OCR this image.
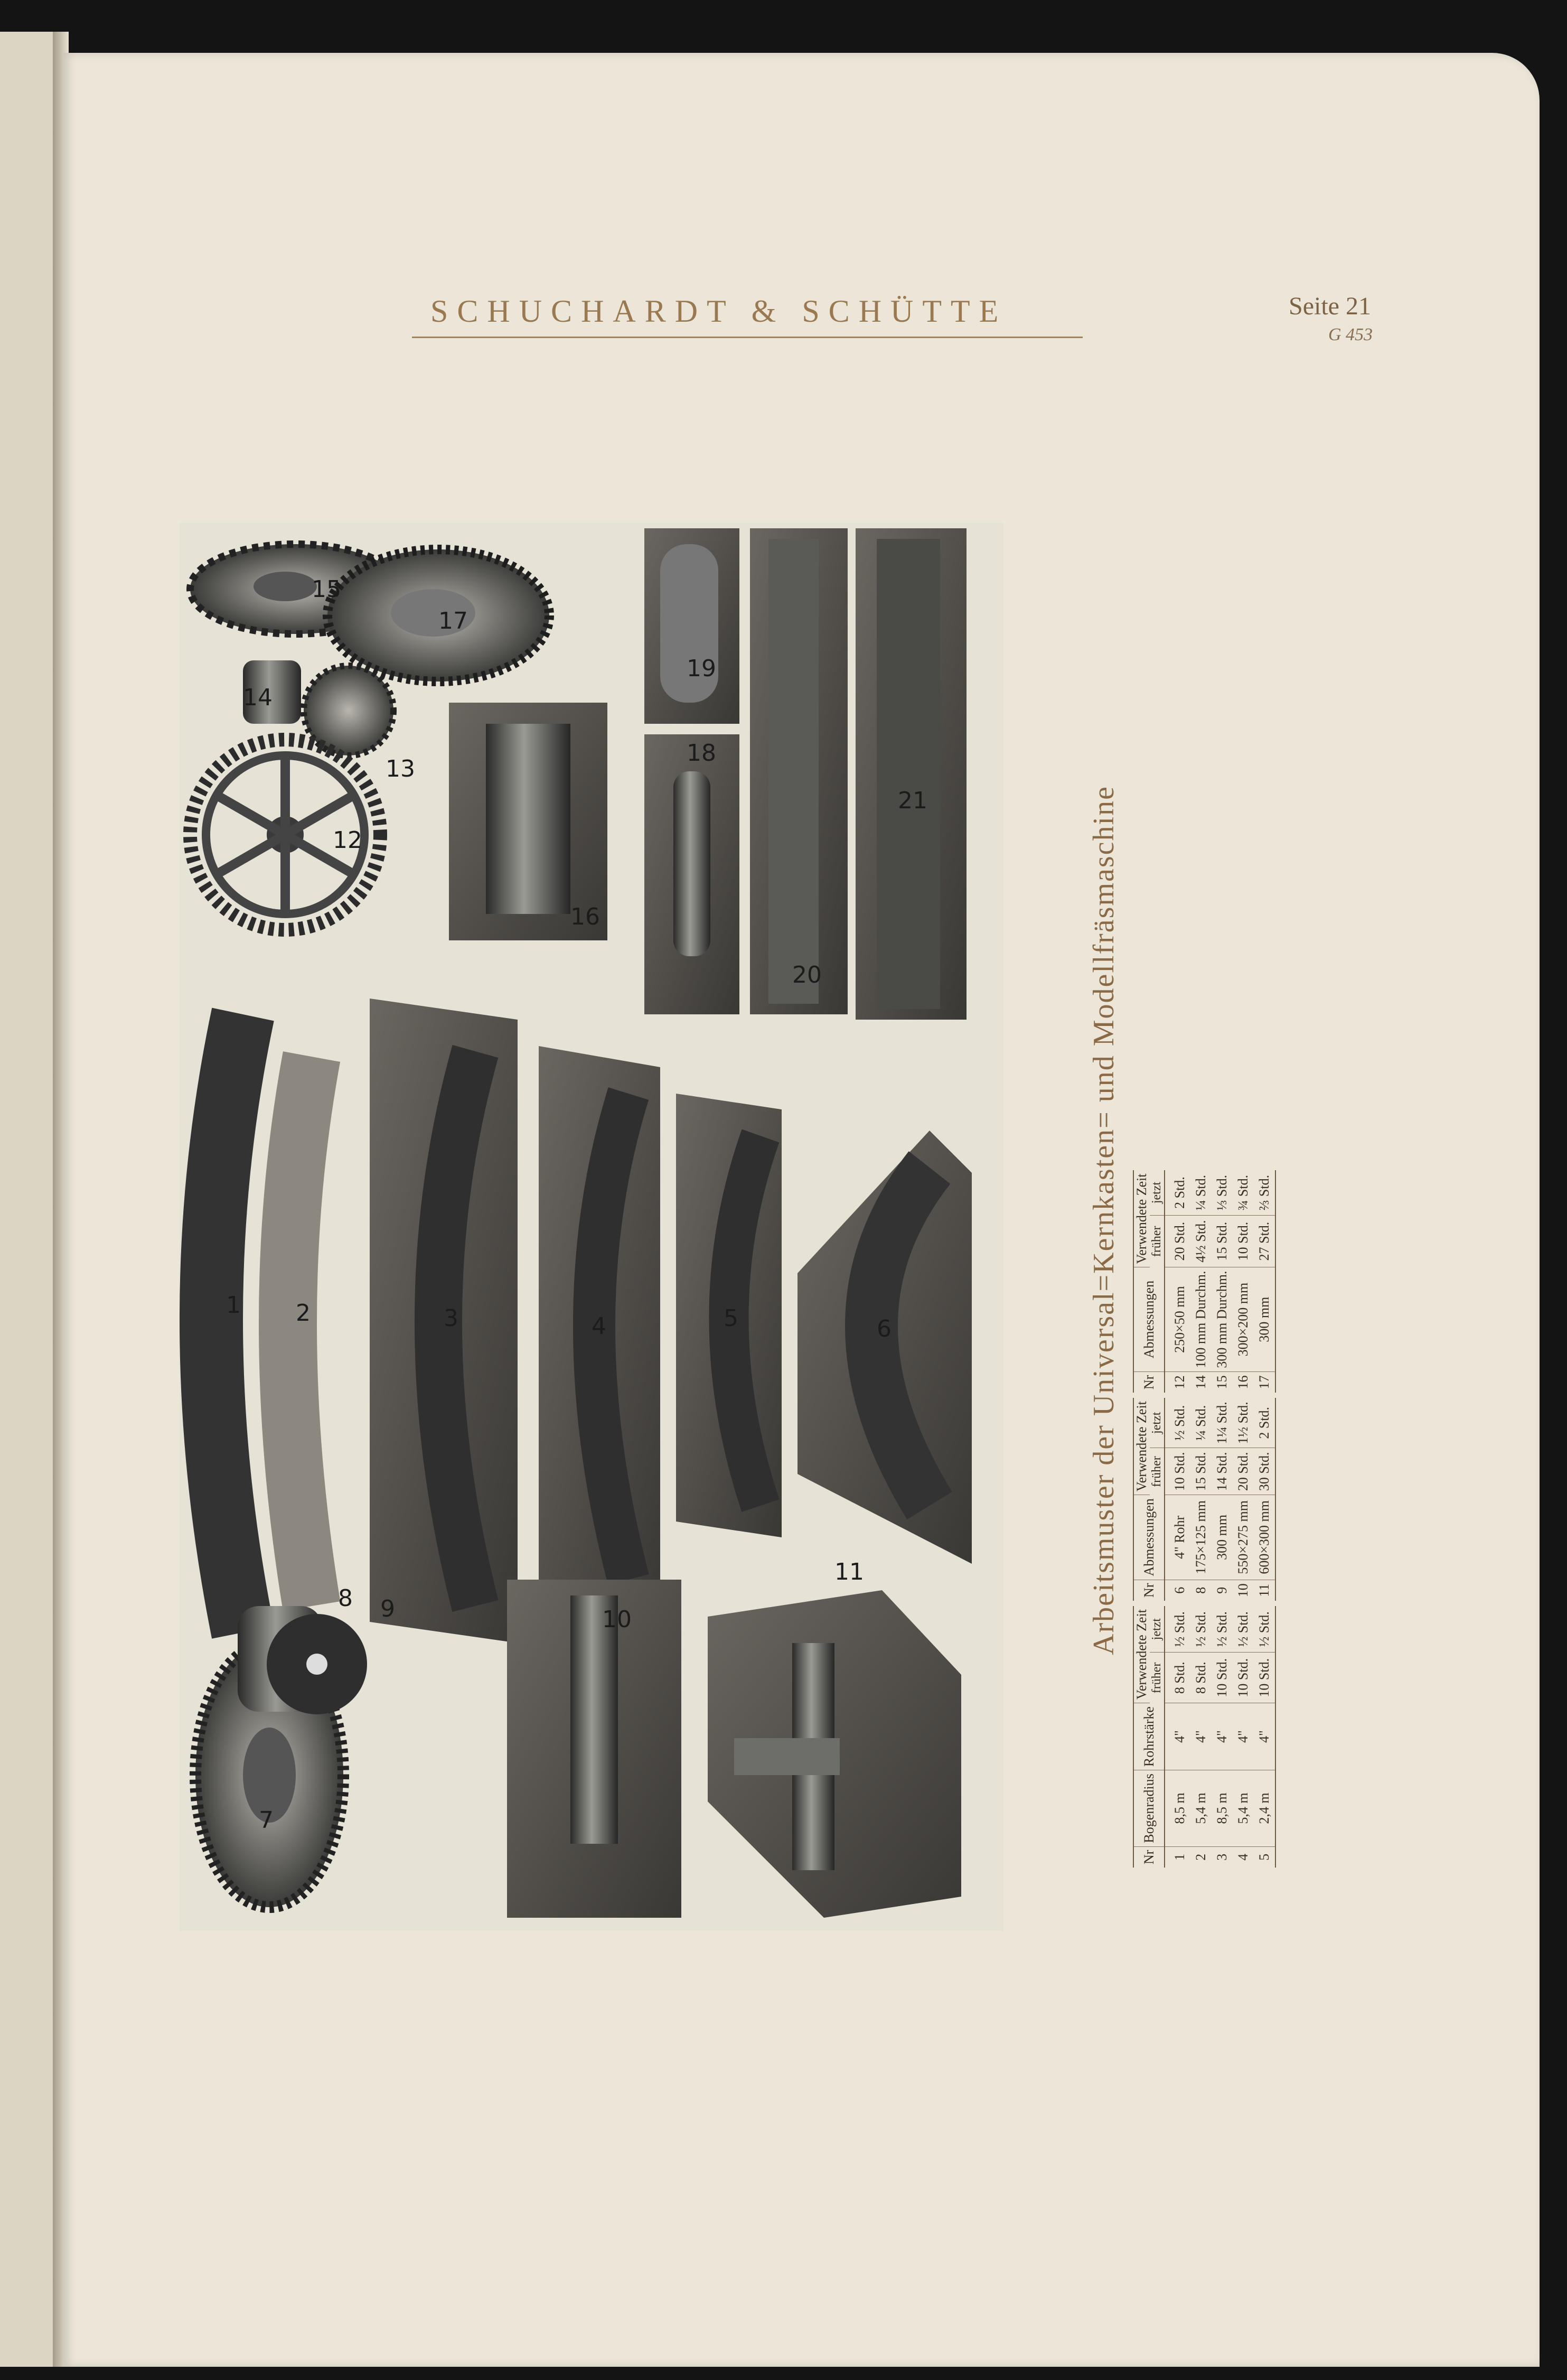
SCHUCHARDT & SCHÜTTE	Seite 21
G 453
1 2	3	4	5	6
7
8 9	10
11
12
13
14
15
16
17
18
19
20
21	Arbeitsmuster der Universal=Kernkasten= und Modellfräsmaschine
Nr	Bogenradius	Rohrstärke	Verwendete Zeit	
			früher	jetzt
1	8,5 m	4"	8 Std.	½ Std.
2	5,4 m	4"	8 Std.	½ Std.
3	8,5 m	4"	10 Std.	½ Std.
4	5,4 m	4"	10 Std.	½ Std.
5	2,4 m	4"	10 Std.	½ Std.
Nr	Abmessungen	Verwendete Zeit	
		früher	jetzt
6	4" Rohr	10 Std.	½ Std.
8	175×125 mm	15 Std.	¼ Std.
9	300 mm	14 Std.	1¼ Std.
10	550×275 mm	20 Std.	1½ Std.
11	600×300 mm	30 Std.	2 Std.
Nr	Abmessungen	Verwendete Zeit	
		früher	jetzt
12	250×50 mm	20 Std.	2 Std.
14	100 mm Durchm.	4½ Std.	¼ Std.
15	300 mm Durchm.	15 Std.	⅓ Std.
16	300×200 mm	10 Std.	¾ Std.
17	300 mm	27 Std.	⅔ Std.
